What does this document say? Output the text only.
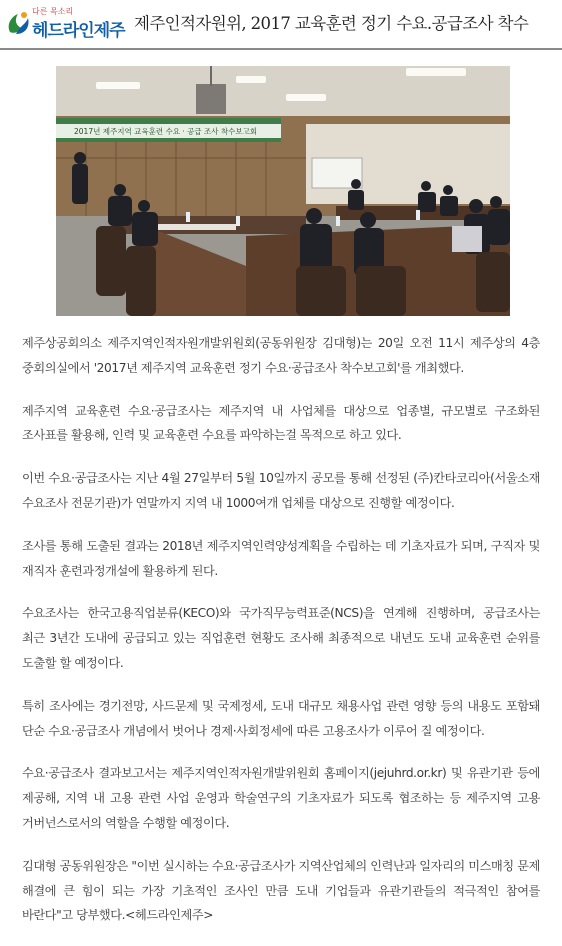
다른 목소리
헤드라인제주 제주인적자원위, 2017 교육훈련 정기 수요.공급조사 착수
2017년 제주지역 교육훈련 수요 · 공급 조사 착수보고회

제주상공회의소 제주지역인적자원개발위원회(공동위원장 김대형)는 20일 오전 11시 제주상의 4층 중회의실에서 '2017년 제주지역 교육훈련 정기 수요·공급조사 착수보고회'를 개최했다.

제주지역 교육훈련 수요·공급조사는 제주지역 내 사업체를 대상으로 업종별, 규모별로 구조화된 조사표를 활용해, 인력 및 교육훈련 수요를 파악하는걸 목적으로 하고 있다.

이번 수요·공급조사는 지난 4월 27일부터 5월 10일까지 공모를 통해 선정된 (주)칸타코리아(서울소재 수요조사 전문기관)가 연말까지 지역 내 1000여개 업체를 대상으로 진행할 예정이다.

조사를 통해 도출된 결과는 2018년 제주지역인력양성계획을 수립하는 데 기초자료가 되며, 구직자 및 재직자 훈련과정개설에 활용하게 된다.

수요조사는 한국고용직업분류(KECO)와 국가직무능력표준(NCS)을 연계해 진행하며, 공급조사는 최근 3년간 도내에 공급되고 있는 직업훈련 현황도 조사해 최종적으로 내년도 도내 교육훈련 순위를 도출할 할 예정이다.

특히 조사에는 경기전망, 사드문제 및 국제정세, 도내 대규모 채용사업 관련 영향 등의 내용도 포함돼 단순 수요·공급조사 개념에서 벗어나 경제·사회정세에 따른 고용조사가 이루어 질 예정이다.

수요·공급조사 결과보고서는 제주지역인적자원개발위원회 홈페이지(jejuhrd.or.kr) 및 유관기관 등에 제공해, 지역 내 고용 관련 사업 운영과 학술연구의 기초자료가 되도록 협조하는 등 제주지역 고용 거버넌스로서의 역할을 수행할 예정이다.

김대형 공동위원장은 "이번 실시하는 수요·공급조사가 지역산업체의 인력난과 일자리의 미스매칭 문제 해결에 큰 힘이 되는 가장 기초적인 조사인 만큼 도내 기업들과 유관기관들의 적극적인 참여를 바란다"고 당부했다.<헤드라인제주>
